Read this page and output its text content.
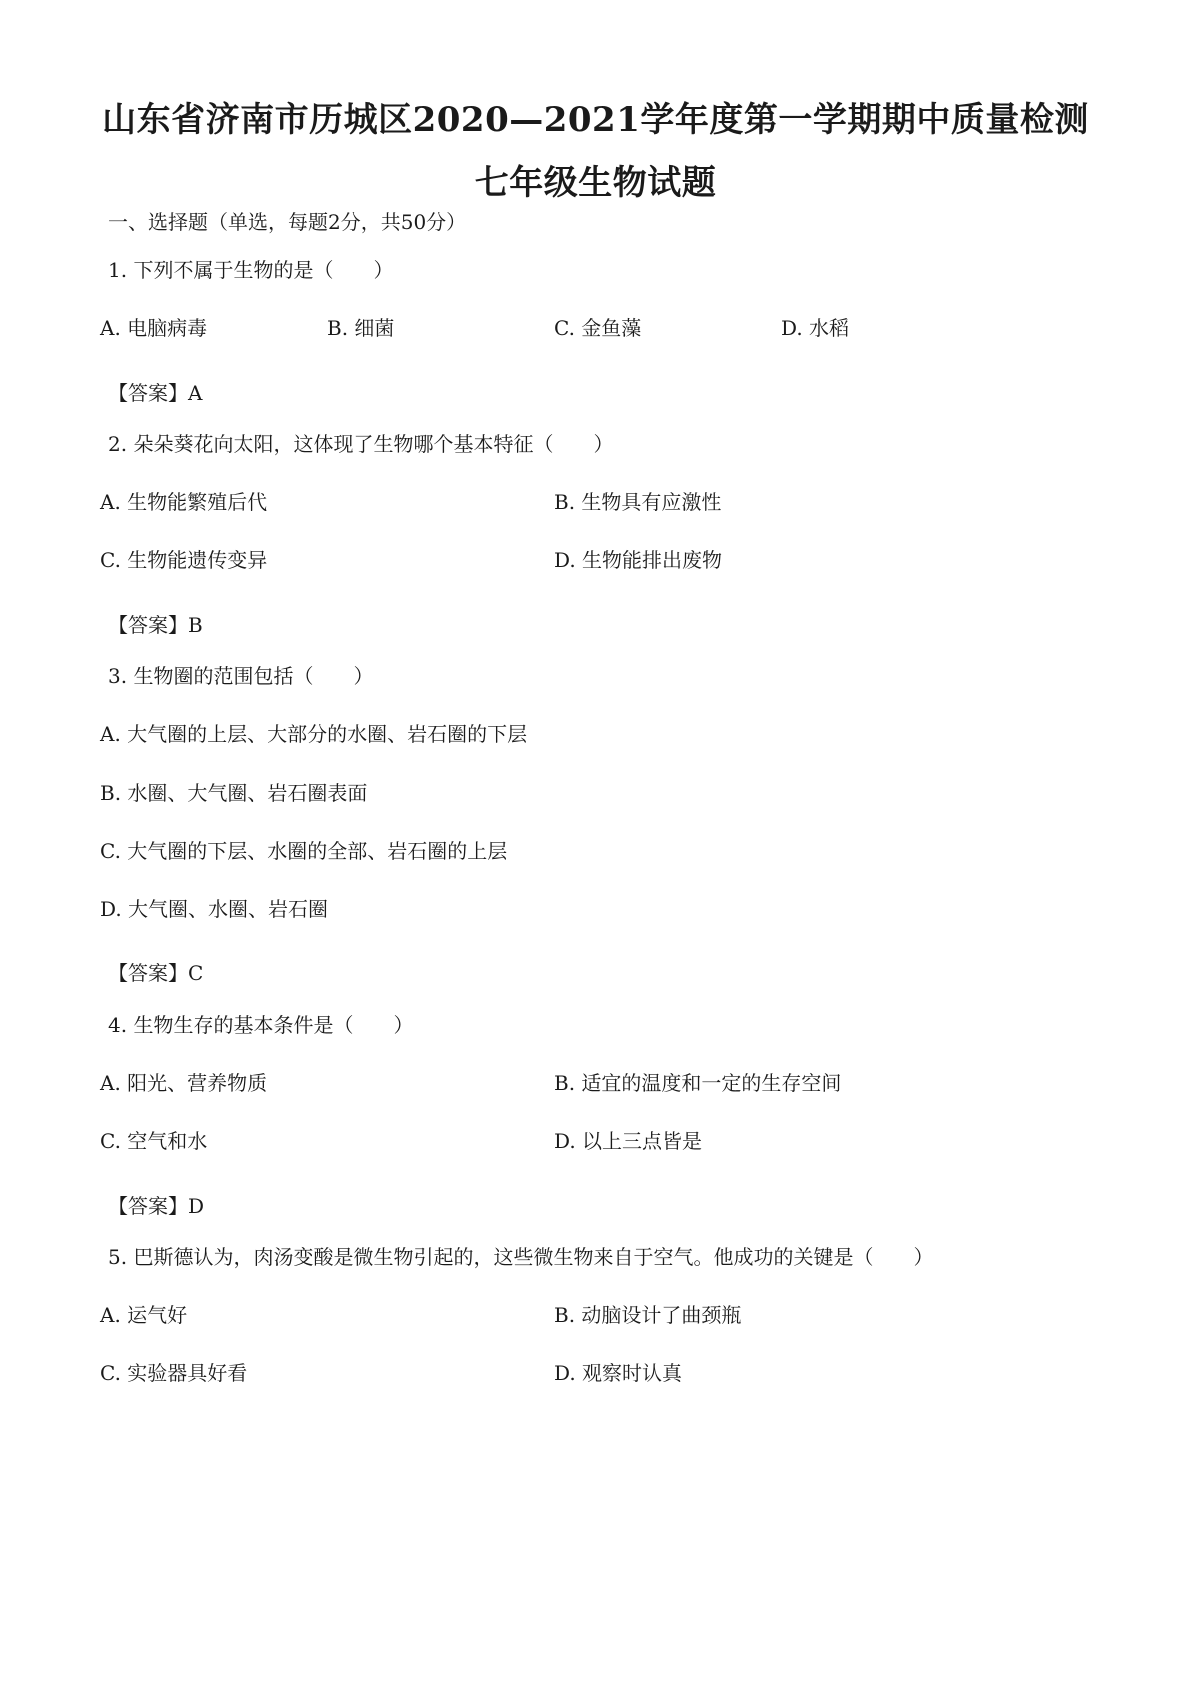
山东省济南市历城区2020—2021学年度第一学期期中质量检测
七年级生物试题
一、选择题（单选，每题2分，共50分）
1. 下列不属于生物的是（　　）
A. 电脑病毒	B. 细菌	C. 金鱼藻	D. 水稻
【答案】A
2. 朵朵葵花向太阳，这体现了生物哪个基本特征（　　）
A. 生物能繁殖后代	B. 生物具有应激性
C. 生物能遗传变异	D. 生物能排出废物
【答案】B
3. 生物圈的范围包括（　　）
A. 大气圈的上层、大部分的水圈、岩石圈的下层
B. 水圈、大气圈、岩石圈表面
C. 大气圈的下层、水圈的全部、岩石圈的上层
D. 大气圈、水圈、岩石圈
【答案】C
4. 生物生存的基本条件是（　　）
A. 阳光、营养物质	B. 适宜的温度和一定的生存空间
C. 空气和水	D. 以上三点皆是
【答案】D
5. 巴斯德认为，肉汤变酸是微生物引起的，这些微生物来自于空气。他成功的关键是（　　）
A. 运气好	B. 动脑设计了曲颈瓶
C. 实验器具好看	D. 观察时认真
